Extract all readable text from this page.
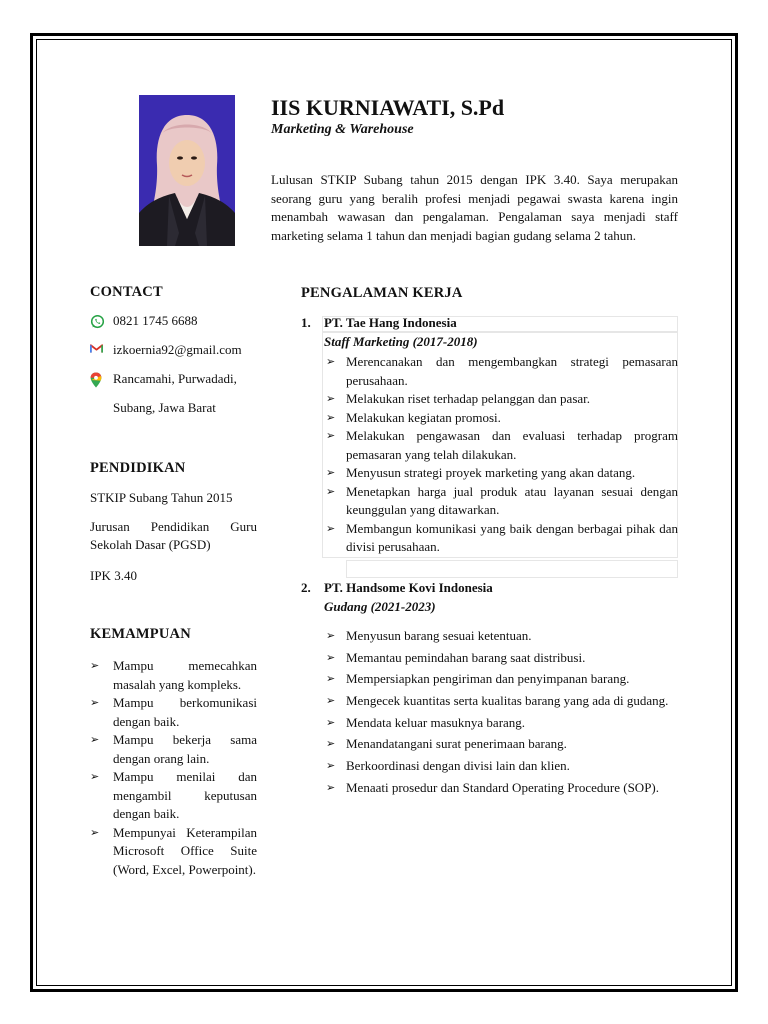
IIS KURNIAWATI, S.Pd
Marketing & Warehouse

Lulusan STKIP Subang tahun 2015 dengan IPK 3.40. Saya merupakan seorang guru yang beralih profesi menjadi pegawai swasta karena ingin menambah wawasan dan pengalaman. Pengalaman saya menjadi staff marketing selama 1 tahun dan menjadi bagian gudang selama 2 tahun.

CONTACT
0821 1745 6688
izkoernia92@gmail.com
Rancamahi, Purwadadi,
Subang, Jawa Barat
PENDIDIKAN

STKIP Subang Tahun 2015

Jurusan Pendidikan Guru Sekolah Dasar (PGSD)

IPK 3.40

KEMAMPUAN
➢ Mampu memecahkan masalah yang kompleks.
➢ Mampu berkomunikasi dengan baik.
➢ Mampu bekerja sama dengan orang lain.
➢ Mampu menilai dan mengambil keputusan dengan baik.
➢ Mempunyai Keterampilan Microsoft Office Suite (Word, Excel, Powerpoint).
PENGALAMAN KERJA
1. PT. Tae Hang Indonesia
Staff Marketing (2017-2018)
➢ Merencanakan dan mengembangkan strategi pemasaran perusahaan.
➢ Melakukan riset terhadap pelanggan dan pasar.
➢ Melakukan kegiatan promosi.
➢ Melakukan pengawasan dan evaluasi terhadap program pemasaran yang telah dilakukan.
➢ Menyusun strategi proyek marketing yang akan datang.
➢ Menetapkan harga jual produk atau layanan sesuai dengan keunggulan yang ditawarkan.
➢ Membangun komunikasi yang baik dengan berbagai pihak dan divisi perusahaan.
2. PT. Handsome Kovi Indonesia
Gudang (2021-2023)
➢ Menyusun barang sesuai ketentuan.
➢ Memantau pemindahan barang saat distribusi.
➢ Mempersiapkan pengiriman dan penyimpanan barang.
➢ Mengecek kuantitas serta kualitas barang yang ada di gudang.
➢ Mendata keluar masuknya barang.
➢ Menandatangani surat penerimaan barang.
➢ Berkoordinasi dengan divisi lain dan klien.
➢ Menaati prosedur dan Standard Operating Procedure (SOP).
